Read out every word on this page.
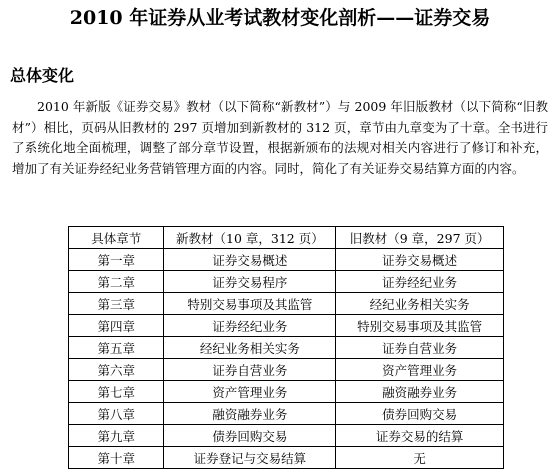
2010 年证券从业考试教材变化剖析——证券交易
总体变化
2010 年新版《证券交易》教材（以下简称“新教材”）与 2009 年旧版教材（以下简称“旧教材”）相比，页码从旧教材的 297 页增加到新教材的 312 页，章节由九章变为了十章。全书进行了系统化地全面梳理，调整了部分章节设置，根据新颁布的法规对相关内容进行了修订和补充，增加了有关证券经纪业务营销管理方面的内容。同时，简化了有关证券交易结算方面的内容。
具体章节	新教材（10 章，312 页）	旧教材（9 章，297 页）
第一章	证券交易概述	证券交易概述
第二章	证券交易程序	证券经纪业务
第三章	特别交易事项及其监管	经纪业务相关实务
第四章	证券经纪业务	特别交易事项及其监管
第五章	经纪业务相关实务	证券自营业务
第六章	证券自营业务	资产管理业务
第七章	资产管理业务	融资融券业务
第八章	融资融券业务	债券回购交易
第九章	债券回购交易	证券交易的结算
第十章	证券登记与交易结算	无
